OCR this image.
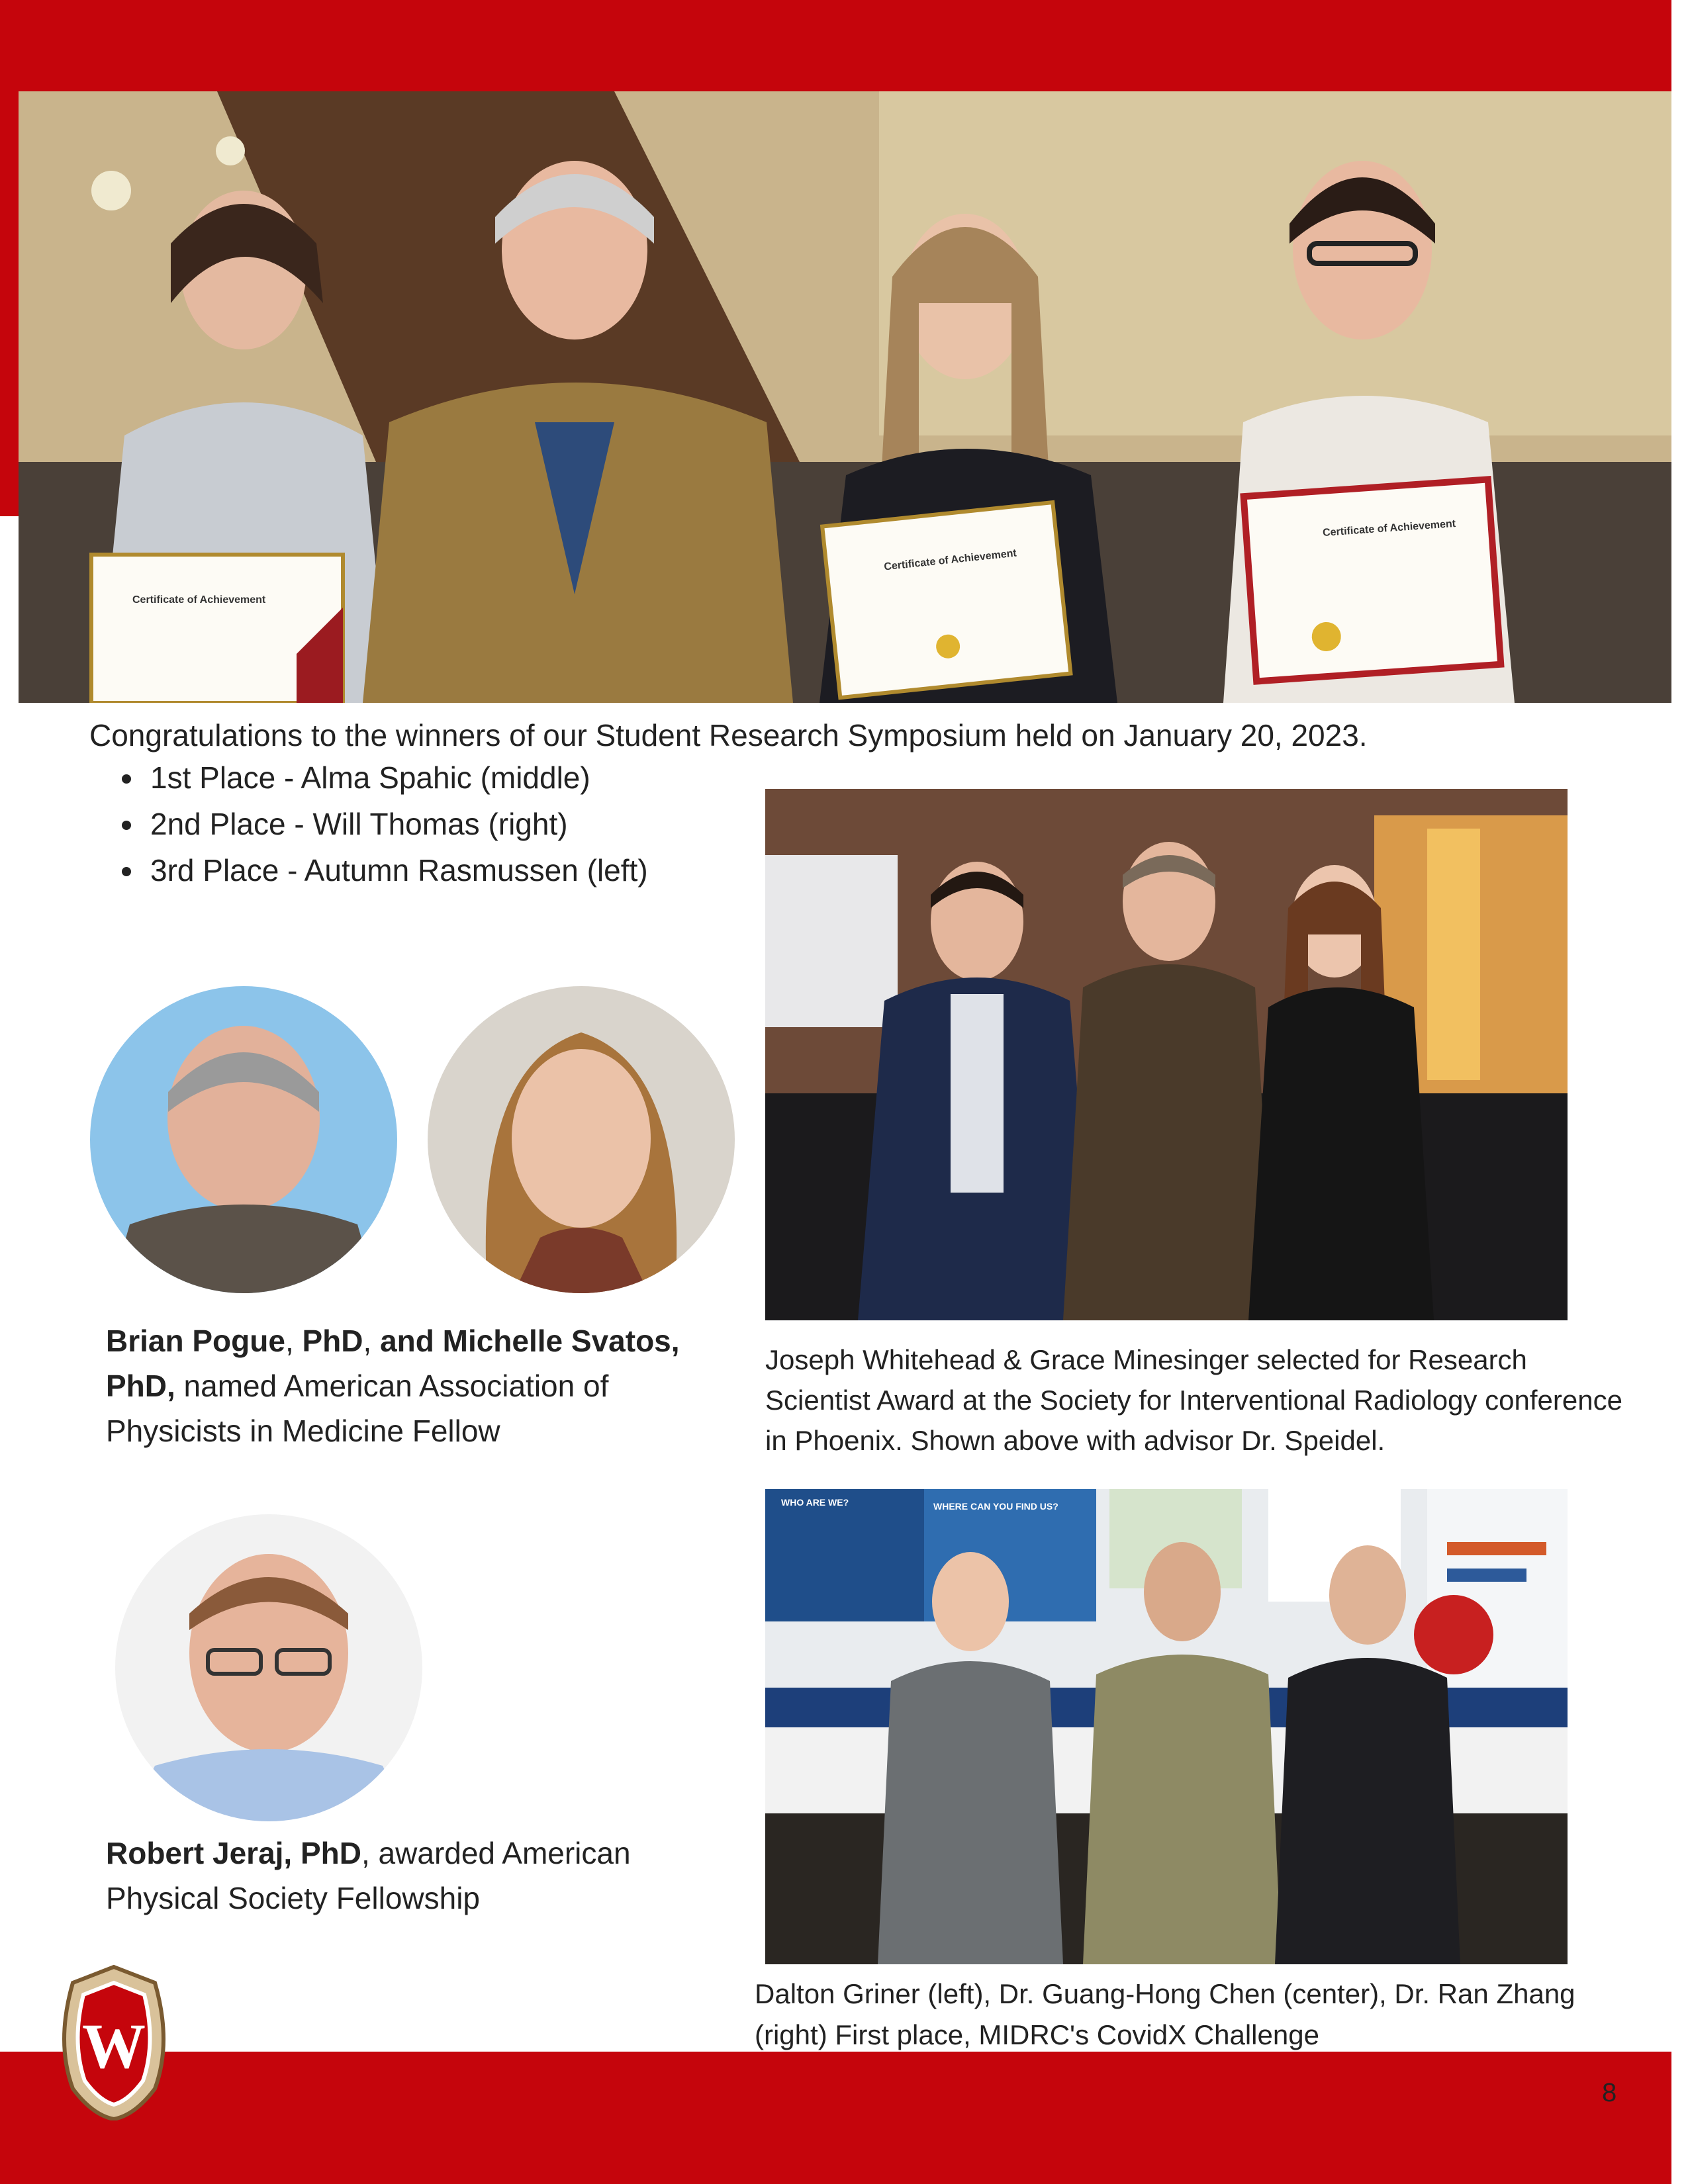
Certificate of Achievement
Certificate of Achievement
Certificate of Achievement
Congratulations to the winners of our Student Research Symposium held on January 20, 2023.
• 1st Place - Alma Spahic (middle)
• 2nd Place - Will Thomas (right)
• 3rd Place - Autumn Rasmussen (left)
Brian Pogue, PhD, and Michelle Svatos, PhD, named American Association of Physicists in Medicine Fellow
Robert Jeraj, PhD, awarded American Physical Society Fellowship
Joseph Whitehead & Grace Minesinger selected for Research Scientist Award at the Society for Interventional Radiology conference in Phoenix. Shown above with advisor Dr. Speidel.
WHO ARE WE?	WHERE CAN YOU FIND US?
Dalton Griner (left), Dr. Guang-Hong Chen (center), Dr. Ran Zhang (right) First place, MIDRC's CovidX Challenge
W
8
